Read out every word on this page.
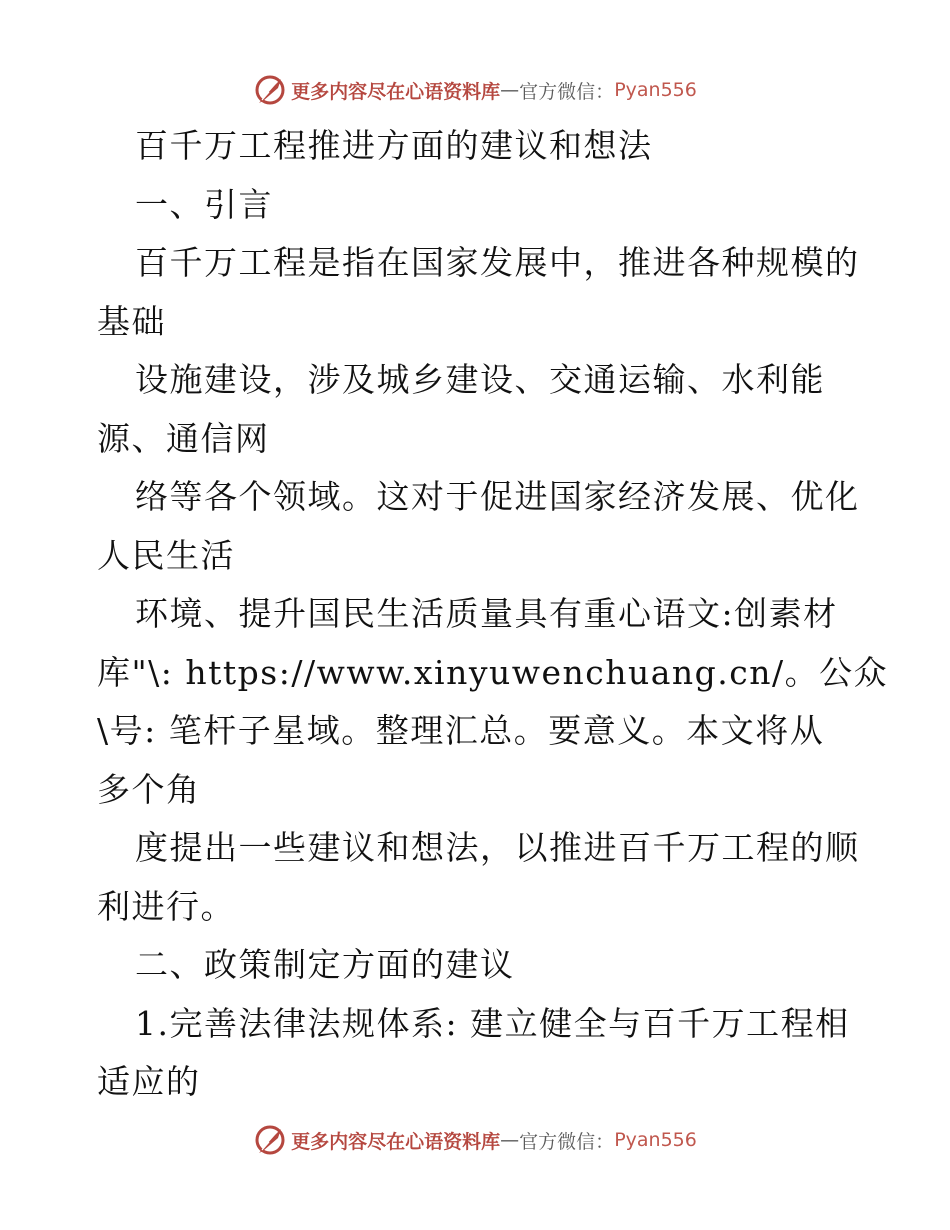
更多内容尽在心语资料库 — 官方微信： Pyan556
百千万工程推进方面的建议和想法
一、引言
百千万工程是指在国家发展中，推进各种规模的
基础
设施建设，涉及城乡建设、交通运输、水利能
源、通信网
络等各个领域。这对于促进国家经济发展、优化
人民生活
环境、提升国民生活质量具有重心语文:创素材
库"\: https://www.xinyuwenchuang.cn/。公众
\号: 笔杆子星域。整理汇总。要意义。本文将从
多个角
度提出一些建议和想法，以推进百千万工程的顺
利进行。
二、政策制定方面的建议
1.完善法律法规体系: 建立健全与百千万工程相
适应的
更多内容尽在心语资料库 — 官方微信： Pyan556
